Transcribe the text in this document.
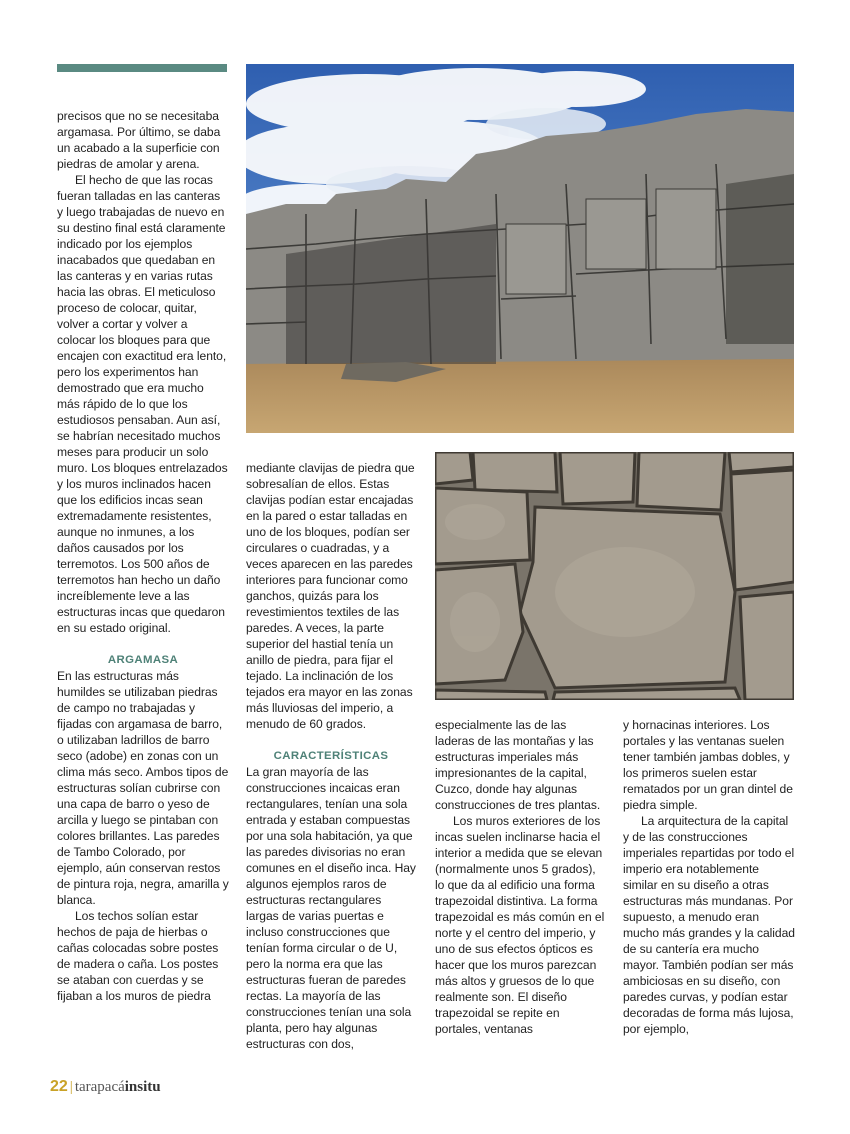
precisos que no se necesitaba argamasa. Por último, se daba un acabado a la superficie con piedras de amolar y arena.

El hecho de que las rocas fueran talladas en las canteras y luego trabajadas de nuevo en su destino final está claramente indicado por los ejemplos inacabados que quedaban en las canteras y en varias rutas hacia las obras. El meticuloso proceso de colocar, quitar, volver a cortar y volver a colocar los bloques para que encajen con exactitud era lento, pero los experimentos han demostrado que era mucho más rápido de lo que los estudiosos pensaban. Aun así, se habrían necesitado muchos meses para producir un solo muro. Los bloques entrelazados y los muros inclinados hacen que los edificios incas sean extremadamente resistentes, aunque no inmunes, a los daños causados por los terremotos. Los 500 años de terremotos han hecho un daño increíblemente leve a las estructuras incas que quedaron en su estado original.

ARGAMASA

En las estructuras más humildes se utilizaban piedras de campo no trabajadas y fijadas con argamasa de barro, o utilizaban ladrillos de barro seco (adobe) en zonas con un clima más seco. Ambos tipos de estructuras solían cubrirse con una capa de barro o yeso de arcilla y luego se pintaban con colores brillantes. Las paredes de Tambo Colorado, por ejemplo, aún conservan restos de pintura roja, negra, amarilla y blanca.

Los techos solían estar hechos de paja de hierbas o cañas colocadas sobre postes de madera o caña. Los postes se ataban con cuerdas y se fijaban a los muros de piedra

mediante clavijas de piedra que sobresalían de ellos. Estas clavijas podían estar encajadas en la pared o estar talladas en uno de los bloques, podían ser circulares o cuadradas, y a veces aparecen en las paredes interiores para funcionar como ganchos, quizás para los revestimientos textiles de las paredes. A veces, la parte superior del hastial tenía un anillo de piedra, para fijar el tejado. La inclinación de los tejados era mayor en las zonas más lluviosas del imperio, a menudo de 60 grados.

CARACTERÍSTICAS

La gran mayoría de las construcciones incaicas eran rectangulares, tenían una sola entrada y estaban compuestas por una sola habitación, ya que las paredes divisorias no eran comunes en el diseño inca. Hay algunos ejemplos raros de estructuras rectangulares largas de varias puertas e incluso construcciones que tenían forma circular o de U, pero la norma era que las estructuras fueran de paredes rectas. La mayoría de las construcciones tenían una sola planta, pero hay algunas estructuras con dos,

especialmente las de las laderas de las montañas y las estructuras imperiales más impresionantes de la capital, Cuzco, donde hay algunas construcciones de tres plantas.

Los muros exteriores de los incas suelen inclinarse hacia el interior a medida que se elevan (normalmente unos 5 grados), lo que da al edificio una forma trapezoidal distintiva. La forma trapezoidal es más común en el norte y el centro del imperio, y uno de sus efectos ópticos es hacer que los muros parezcan más altos y gruesos de lo que realmente son. El diseño trapezoidal se repite en portales, ventanas

y hornacinas interiores. Los portales y las ventanas suelen tener también jambas dobles, y los primeros suelen estar rematados por un gran dintel de piedra simple.

La arquitectura de la capital y de las construcciones imperiales repartidas por todo el imperio era notablemente similar en su diseño a otras estructuras más mundanas. Por supuesto, a menudo eran mucho más grandes y la calidad de su cantería era mucho mayor. También podían ser más ambiciosas en su diseño, con paredes curvas, y podían estar decoradas de forma más lujosa, por ejemplo,

22 | tarapacáinsitu
